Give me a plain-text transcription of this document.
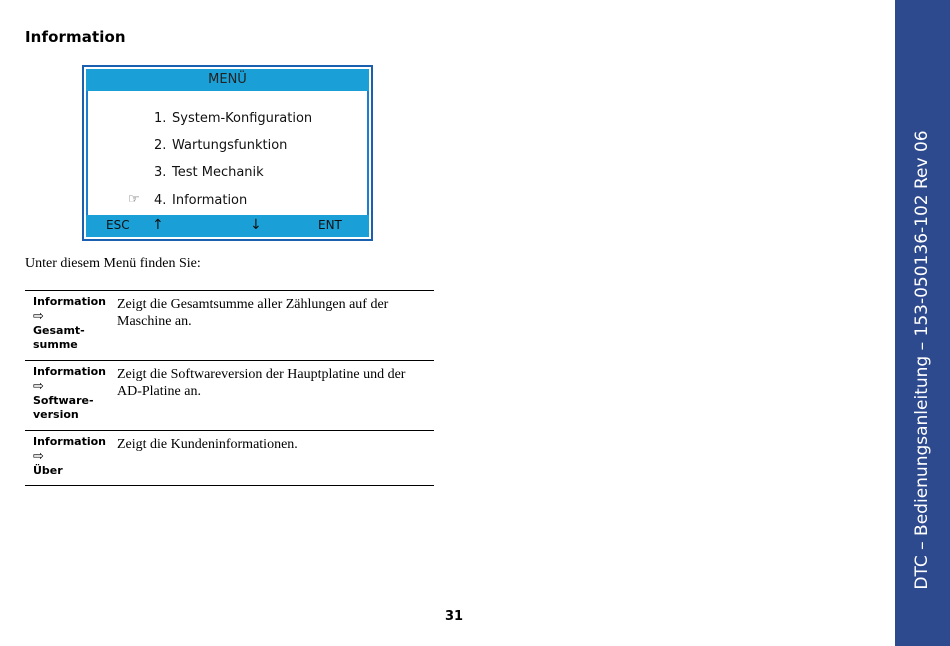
Information
MENÜ
1. System-Konfiguration
2. Wartungsfunktion
3. Test Mechanik
☞ 4. Information
ESC ↑	↓	ENT
Unter diesem Menü finden Sie:
Information
⇨
Gesamt-
summe	Zeigt die Gesamtsumme aller Zählungen auf der Maschine an.
Information
⇨
Software-
version	Zeigt die Softwareversion der Hauptplatine und der AD-Platine an.
Information
⇨
Über	Zeigt die Kundeninformationen.
31
DTC – Bedienungsanleitung – 153-050136-102 Rev 06
